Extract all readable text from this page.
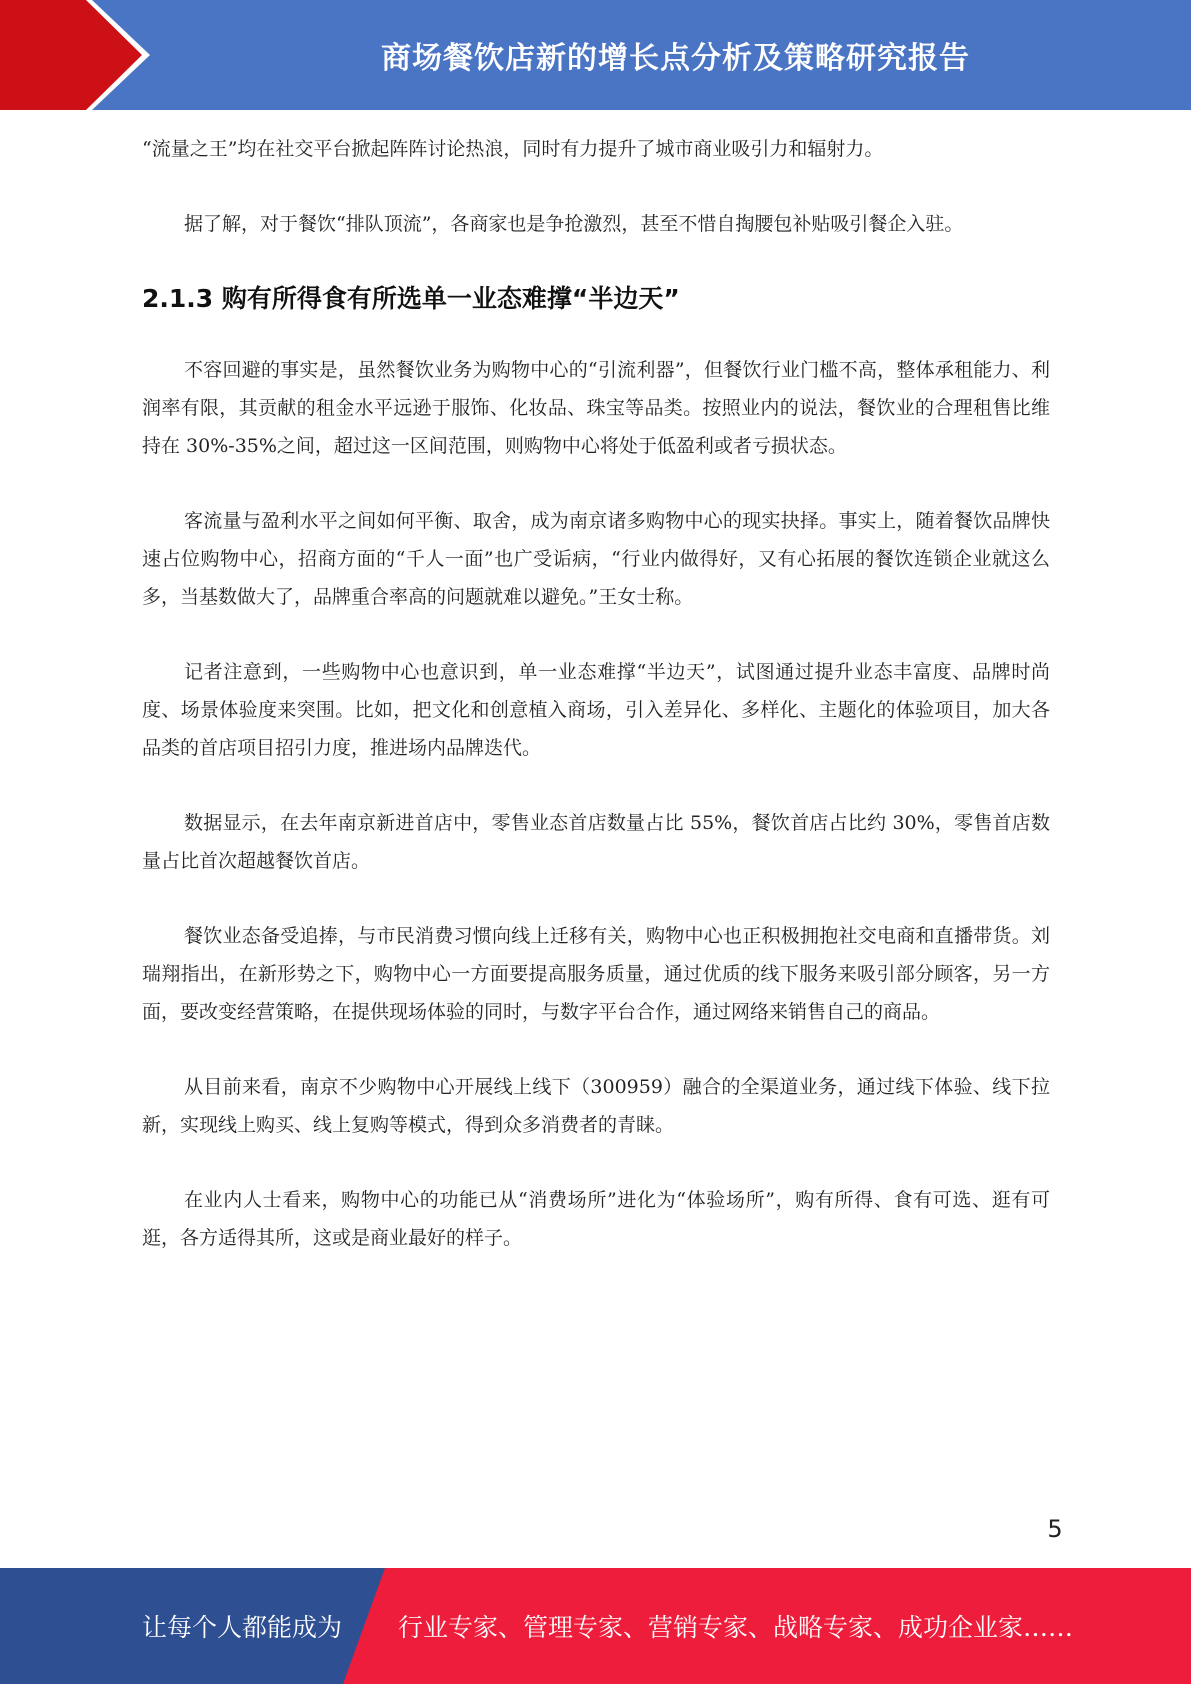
商场餐饮店新的增长点分析及策略研究报告

“流量之王”均在社交平台掀起阵阵讨论热浪，同时有力提升了城市商业吸引力和辐射力。

据了解，对于餐饮“排队顶流”，各商家也是争抢激烈，甚至不惜自掏腰包补贴吸引餐企入驻。

2.1.3 购有所得食有所选单一业态难撑“半边天”

不容回避的事实是，虽然餐饮业务为购物中心的“引流利器”，但餐饮行业门槛不高，整体承租能力、利润率有限，其贡献的租金水平远逊于服饰、化妆品、珠宝等品类。按照业内的说法，餐饮业的合理租售比维持在 30%-35%之间，超过这一区间范围，则购物中心将处于低盈利或者亏损状态。

客流量与盈利水平之间如何平衡、取舍，成为南京诸多购物中心的现实抉择。事实上，随着餐饮品牌快速占位购物中心，招商方面的“千人一面”也广受诟病，“行业内做得好，又有心拓展的餐饮连锁企业就这么多，当基数做大了，品牌重合率高的问题就难以避免。”王女士称。

记者注意到，一些购物中心也意识到，单一业态难撑“半边天”，试图通过提升业态丰富度、品牌时尚度、场景体验度来突围。比如，把文化和创意植入商场，引入差异化、多样化、主题化的体验项目，加大各品类的首店项目招引力度，推进场内品牌迭代。

数据显示，在去年南京新进首店中，零售业态首店数量占比 55%，餐饮首店占比约 30%，零售首店数量占比首次超越餐饮首店。

餐饮业态备受追捧，与市民消费习惯向线上迁移有关，购物中心也正积极拥抱社交电商和直播带货。刘瑞翔指出，在新形势之下，购物中心一方面要提高服务质量，通过优质的线下服务来吸引部分顾客，另一方面，要改变经营策略，在提供现场体验的同时，与数字平台合作，通过网络来销售自己的商品。

从目前来看，南京不少购物中心开展线上线下（300959）融合的全渠道业务，通过线下体验、线下拉新，实现线上购买、线上复购等模式，得到众多消费者的青睐。

在业内人士看来，购物中心的功能已从“消费场所”进化为“体验场所”，购有所得、食有可选、逛有可逛，各方适得其所，这或是商业最好的样子。

5
让每个人都能成为 行业专家、管理专家、营销专家、战略专家、成功企业家……
